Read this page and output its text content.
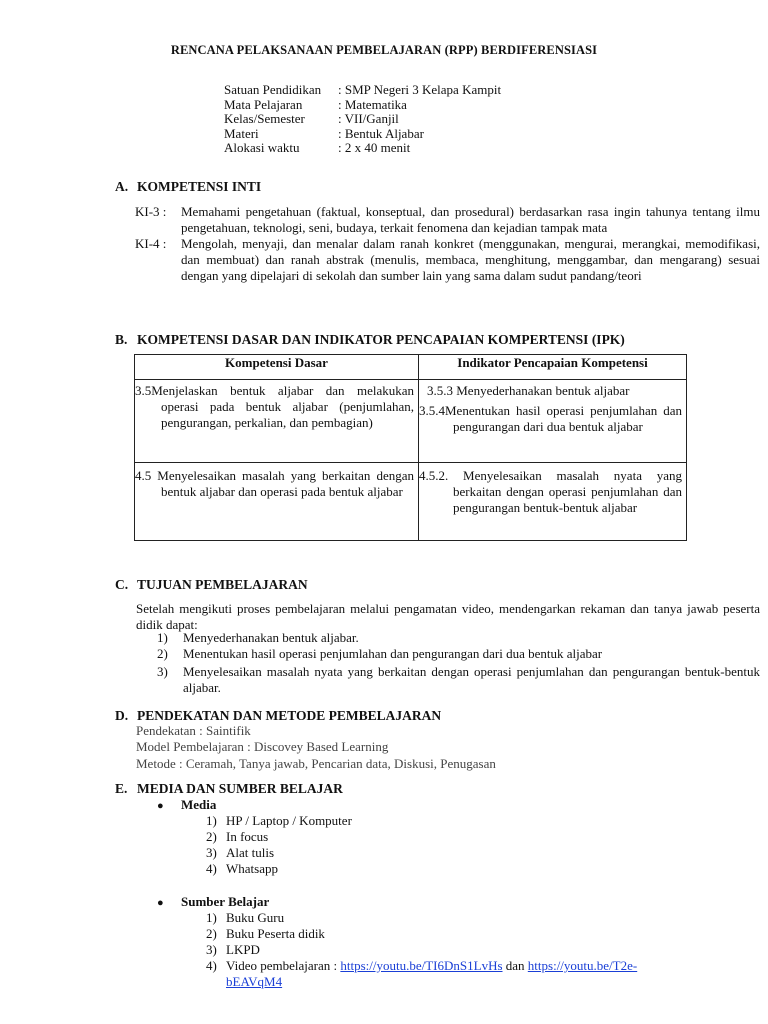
RENCANA PELAKSANAAN PEMBELAJARAN (RPP) BERDIFERENSIASI
Satuan Pendidikan	: SMP Negeri 3 Kelapa Kampit
Mata Pelajaran	: Matematika
Kelas/Semester	: VII/Ganjil
Materi	: Bentuk Aljabar
Alokasi waktu	: 2 x 40 menit
A. KOMPETENSI INTI
KI-3 :	Memahami pengetahuan (faktual, konseptual, dan prosedural) berdasarkan rasa ingin tahunya tentang ilmu pengetahuan, teknologi, seni, budaya, terkait fenomena dan kejadian tampak mata
KI-4 :	Mengolah, menyaji, dan menalar dalam ranah konkret (menggunakan, mengurai, merangkai, memodifikasi, dan membuat) dan ranah abstrak (menulis, membaca, menghitung, menggambar, dan mengarang) sesuai dengan yang dipelajari di sekolah dan sumber lain yang sama dalam sudut pandang/teori
B. KOMPETENSI DASAR DAN INDIKATOR PENCAPAIAN KOMPERTENSI (IPK)
Kompetensi Dasar	Indikator Pencapaian Kompetensi

3.5Menjelaskan bentuk aljabar dan melakukan operasi pada bentuk aljabar (penjumlahan, pengurangan, perkalian, dan pembagian)	3.5.3 Menyederhanakan bentuk aljabar
3.5.4Menentukan hasil operasi penjumlahan dan pengurangan dari dua bentuk aljabar

4.5 Menyelesaikan masalah yang berkaitan dengan bentuk aljabar dan operasi pada bentuk aljabar	4.5.2. Menyelesaikan masalah nyata yang berkaitan dengan operasi penjumlahan dan pengurangan bentuk-bentuk aljabar
C. TUJUAN PEMBELAJARAN
Setelah mengikuti proses pembelajaran melalui pengamatan video, mendengarkan rekaman dan tanya jawab peserta didik dapat:
1)	Menyederhanakan bentuk aljabar.
2)	Menentukan hasil operasi penjumlahan dan pengurangan dari dua bentuk aljabar
3)	Menyelesaikan masalah nyata yang berkaitan dengan operasi penjumlahan dan pengurangan bentuk-bentuk aljabar.
D. PENDEKATAN DAN METODE PEMBELAJARAN
Pendekatan : Saintifik
Model Pembelajaran : Discovey Based Learning
Metode : Ceramah, Tanya jawab, Pencarian data, Diskusi, Penugasan
E. MEDIA DAN SUMBER BELAJAR
●	Media
1) HP / Laptop / Komputer
2) In focus
3) Alat tulis
4) Whatsapp
●	Sumber Belajar
1) Buku Guru
2) Buku Peserta didik
3) LKPD
4) Video pembelajaran : https://youtu.be/TI6DnS1LvHs dan https://youtu.be/T2e-
bEAVqM4
